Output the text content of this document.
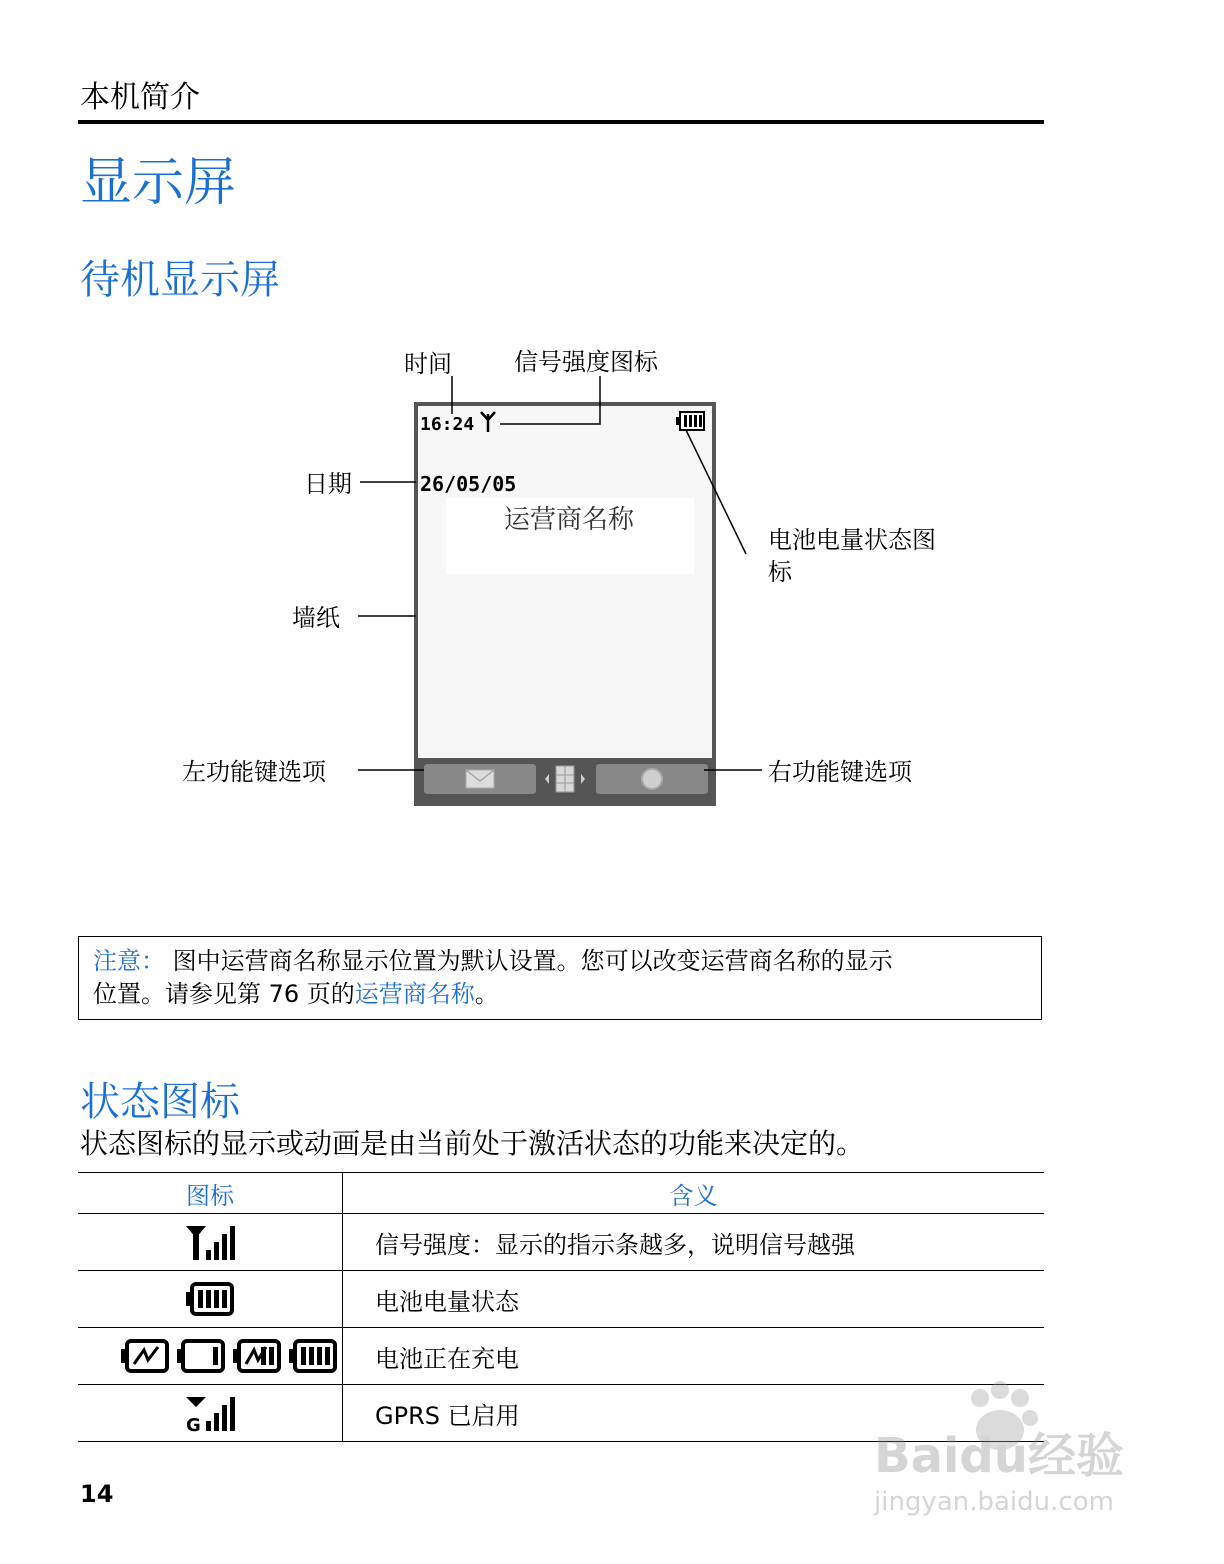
本机简介
显示屏
待机显示屏
16:24
26/05/05
运营商名称
时间	信号强度图标
日期
电池电量状态图
标
墙纸
左功能键选项	右功能键选项
注意： 图中运营商名称显示位置为默认设置。您可以改变运营商名称的显示
位置。请参见第 76 页的运营商名称。
状态图标
状态图标的显示或动画是由当前处于激活状态的功能来决定的。
图标	含义

	信号强度：显示的指示条越多，说明信号越强

	电池电量状态

	电池正在充电

G	GPRS 已启用
14
Baidu经验
jingyan.baidu.com
